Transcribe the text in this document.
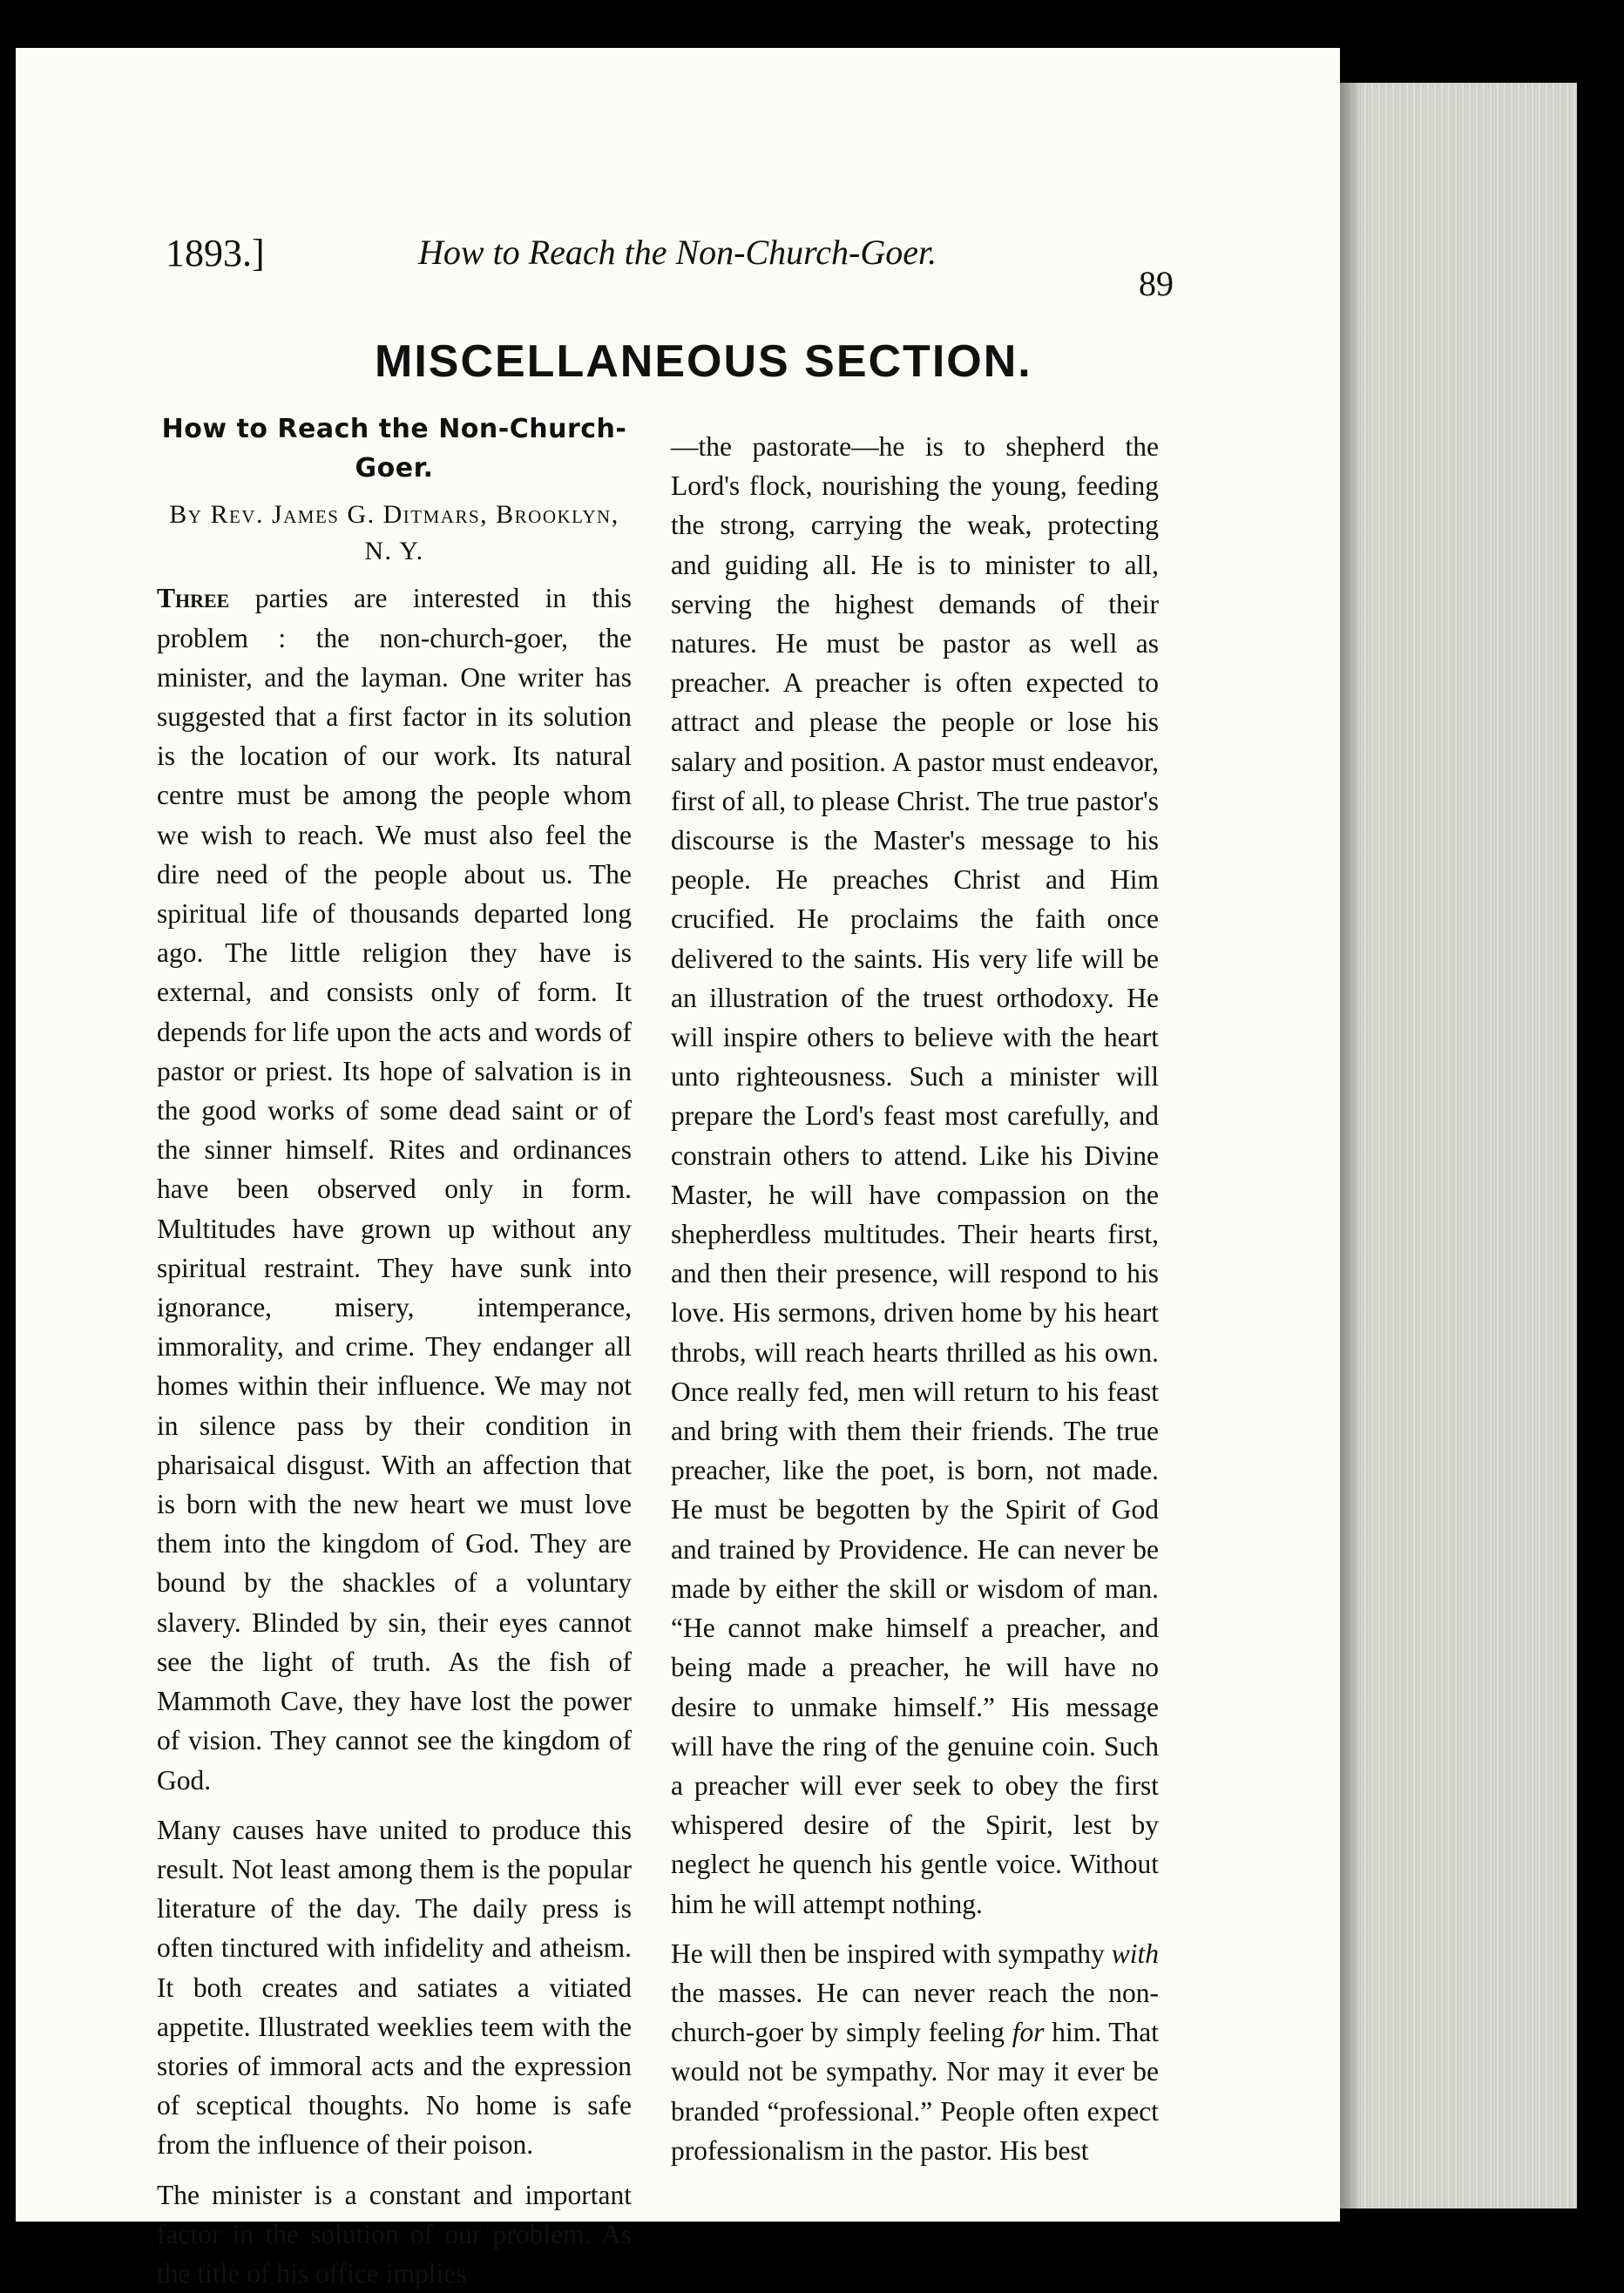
1893.]	How to Reach the Non-Church-Goer.
89
MISCELLANEOUS SECTION.
How to Reach the Non-Church-Goer.
By Rev. James G. Ditmars, Brooklyn, N. Y.

Three parties are interested in this problem : the non-church-goer, the minister, and the layman. One writer has suggested that a first factor in its solution is the location of our work. Its natural centre must be among the people whom we wish to reach. We must also feel the dire need of the people about us. The spiritual life of thousands departed long ago. The little religion they have is external, and consists only of form. It depends for life upon the acts and words of pastor or priest. Its hope of salvation is in the good works of some dead saint or of the sinner himself. Rites and ordinances have been observed only in form. Multitudes have grown up without any spiritual restraint. They have sunk into ignorance, misery, intemperance, immorality, and crime. They endanger all homes within their influence. We may not in silence pass by their condition in pharisaical disgust. With an affection that is born with the new heart we must love them into the kingdom of God. They are bound by the shackles of a voluntary slavery. Blinded by sin, their eyes cannot see the light of truth. As the fish of Mammoth Cave, they have lost the power of vision. They cannot see the kingdom of God.

Many causes have united to produce this result. Not least among them is the popular literature of the day. The daily press is often tinctured with infidelity and atheism. It both creates and satiates a vitiated appetite. Illustrated weeklies teem with the stories of immoral acts and the expression of sceptical thoughts. No home is safe from the influence of their poison.

The minister is a constant and important factor in the solution of our problem. As the title of his office implies

—the pastorate—he is to shepherd the Lord's flock, nourishing the young, feeding the strong, carrying the weak, protecting and guiding all. He is to minister to all, serving the highest demands of their natures. He must be pastor as well as preacher. A preacher is often expected to attract and please the people or lose his salary and position. A pastor must endeavor, first of all, to please Christ. The true pastor's discourse is the Master's message to his people. He preaches Christ and Him crucified. He proclaims the faith once delivered to the saints. His very life will be an illustration of the truest orthodoxy. He will inspire others to believe with the heart unto righteousness. Such a minister will prepare the Lord's feast most carefully, and constrain others to attend. Like his Divine Master, he will have compassion on the shepherdless multitudes. Their hearts first, and then their presence, will respond to his love. His sermons, driven home by his heart throbs, will reach hearts thrilled as his own. Once really fed, men will return to his feast and bring with them their friends. The true preacher, like the poet, is born, not made. He must be begotten by the Spirit of God and trained by Providence. He can never be made by either the skill or wisdom of man. “He cannot make himself a preacher, and being made a preacher, he will have no desire to unmake himself.” His message will have the ring of the genuine coin. Such a preacher will ever seek to obey the first whispered desire of the Spirit, lest by neglect he quench his gentle voice. Without him he will attempt nothing.

He will then be inspired with sympathy with the masses. He can never reach the non-church-goer by simply feeling for him. That would not be sympathy. Nor may it ever be branded “professional.” People often expect professionalism in the pastor. His best
